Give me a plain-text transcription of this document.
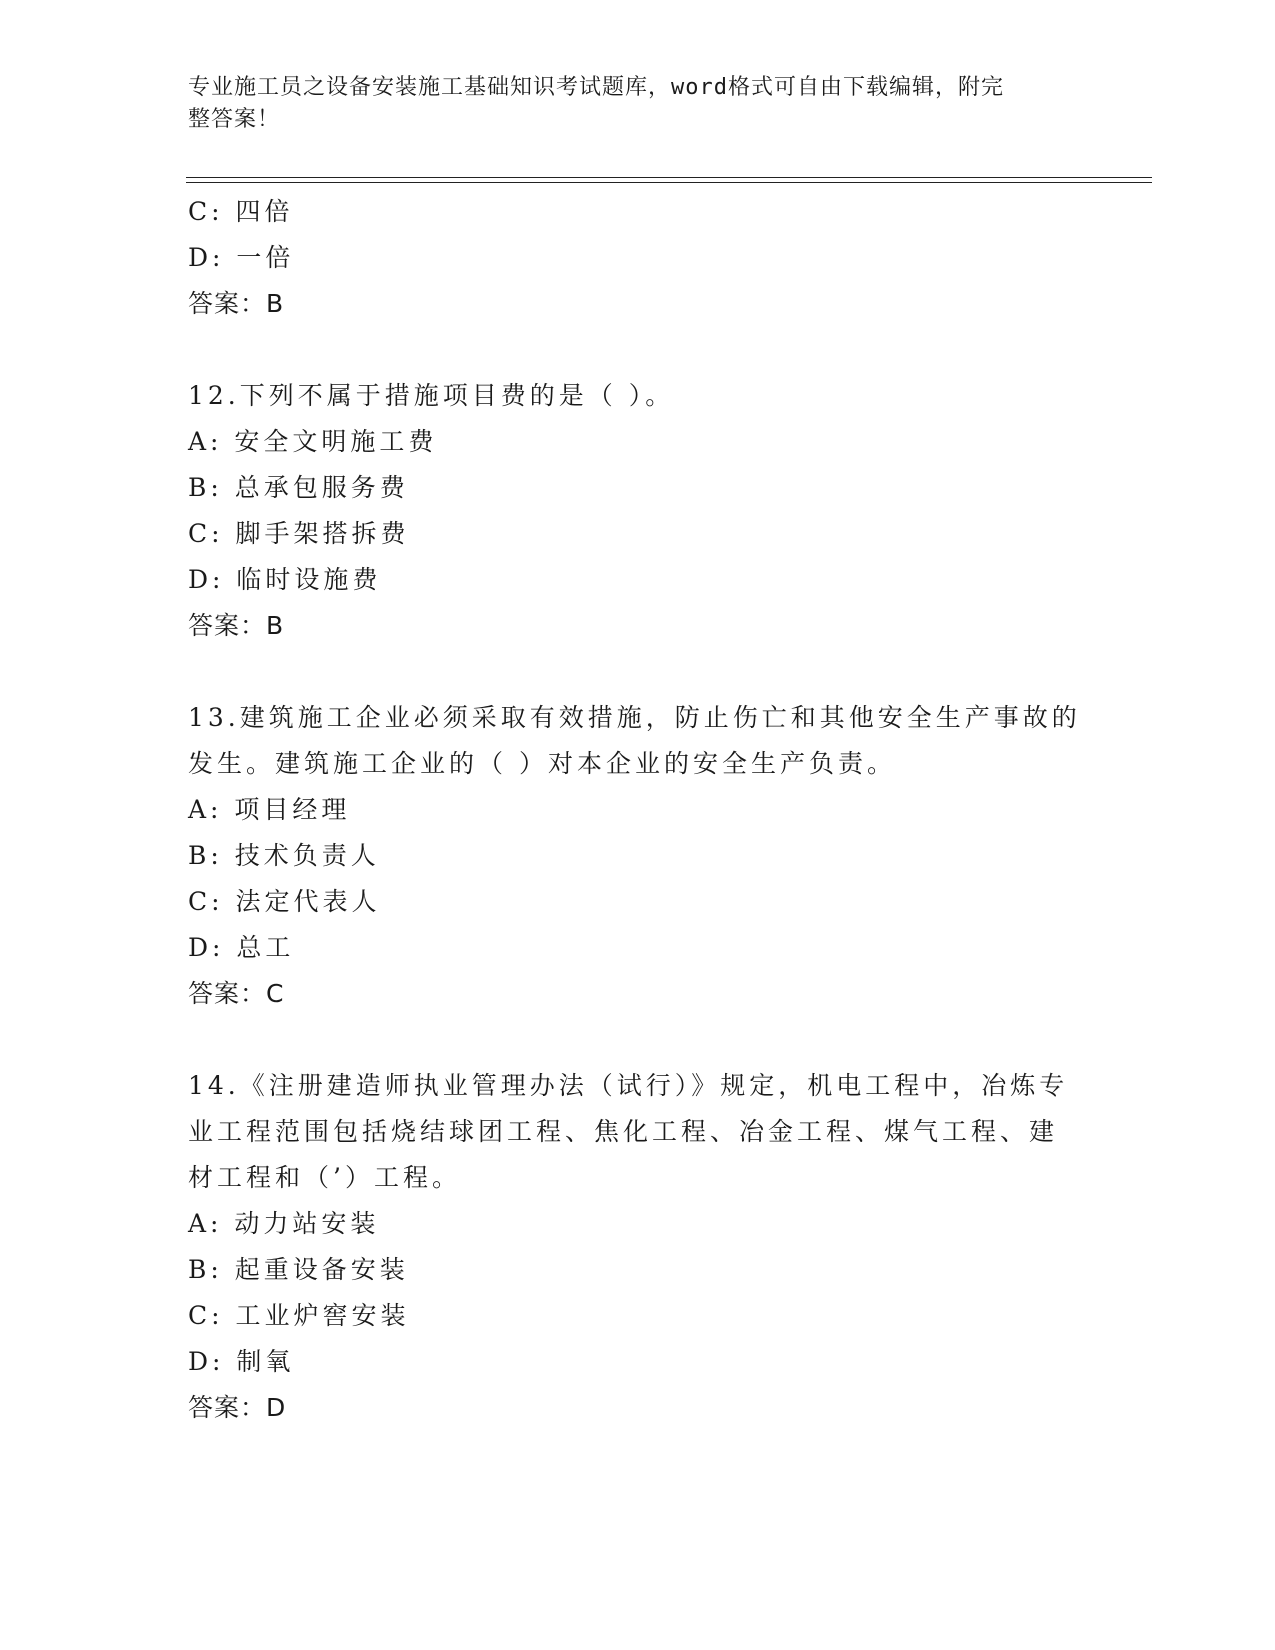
专业施工员之设备安装施工基础知识考试题库，word格式可自由下载编辑，附完
整答案！
C: 四倍
D: 一倍
答案：B
12.下列不属于措施项目费的是（ ）。
A: 安全文明施工费
B: 总承包服务费
C: 脚手架搭拆费
D: 临时设施费
答案：B
13.建筑施工企业必须采取有效措施，防止伤亡和其他安全生产事故的
发生。建筑施工企业的（ ）对本企业的安全生产负责。
A: 项目经理
B: 技术负责人
C: 法定代表人
D: 总工
答案：C
14.《注册建造师执业管理办法（试行）》规定，机电工程中，冶炼专
业工程范围包括烧结球团工程、焦化工程、冶金工程、煤气工程、建
材工程和（’）工程。
A: 动力站安装
B: 起重设备安装
C: 工业炉窖安装
D: 制氧
答案：D
